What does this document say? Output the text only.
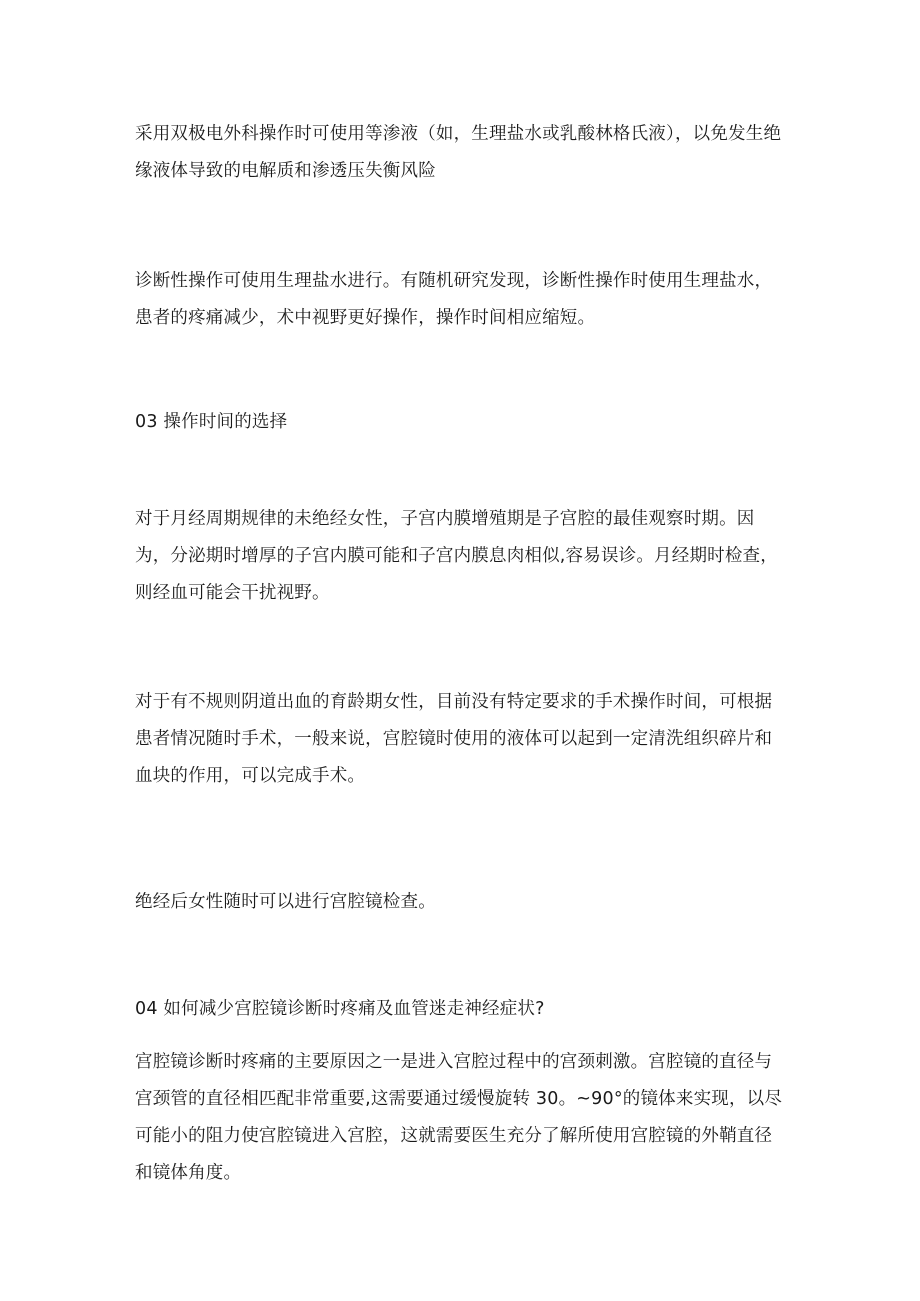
采用双极电外科操作时可使用等渗液（如，生理盐水或乳酸林格氏液），以免发生绝缘液体导致的电解质和渗透压失衡风险

诊断性操作可使用生理盐水进行。有随机研究发现，诊断性操作时使用生理盐水，患者的疼痛减少，术中视野更好操作，操作时间相应缩短。

03 操作时间的选择

对于月经周期规律的未绝经女性，子宫内膜增殖期是子宫腔的最佳观察时期。因为，分泌期时增厚的子宫内膜可能和子宫内膜息肉相似,容易误诊。月经期时检查，则经血可能会干扰视野。

对于有不规则阴道出血的育龄期女性，目前没有特定要求的手术操作时间，可根据患者情况随时手术，一般来说，宫腔镜时使用的液体可以起到一定清洗组织碎片和血块的作用，可以完成手术。

绝经后女性随时可以进行宫腔镜检查。

04 如何减少宫腔镜诊断时疼痛及血管迷走神经症状?

宫腔镜诊断时疼痛的主要原因之一是进入宫腔过程中的宫颈刺激。宫腔镜的直径与宫颈管的直径相匹配非常重要,这需要通过缓慢旋转 30。~90°的镜体来实现，以尽可能小的阻力使宫腔镜进入宫腔，这就需要医生充分了解所使用宫腔镜的外鞘直径和镜体角度。
